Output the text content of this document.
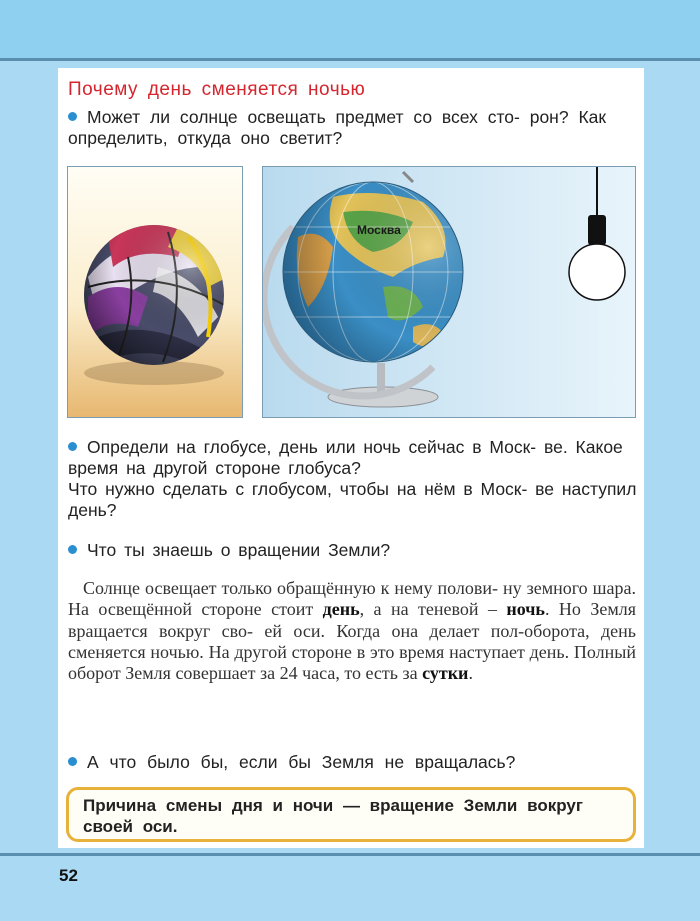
Почему день сменяется ночью
Может ли солнце освещать предмет со всех сто- рон? Как определить, откуда оно светит?
Москва
Определи на глобусе, день или ночь сейчас в Моск- ве. Какое время на другой стороне глобуса?
Что нужно сделать с глобусом, чтобы на нём в Моск- ве наступил день?
Что ты знаешь о вращении Земли?

Солнце освещает только обращённую к нему полови- ну земного шара. На освещённой стороне стоит день, а на теневой – ночь. Но Земля вращается вокруг сво- ей оси. Когда она делает пол-оборота, день сменяется ночью. На другой стороне в это время наступает день. Полный оборот Земля совершает за 24 часа, то есть за сутки.

А что было бы, если бы Земля не вращалась?
Причина смены дня и ночи — вращение Земли вокруг своей оси.
52
